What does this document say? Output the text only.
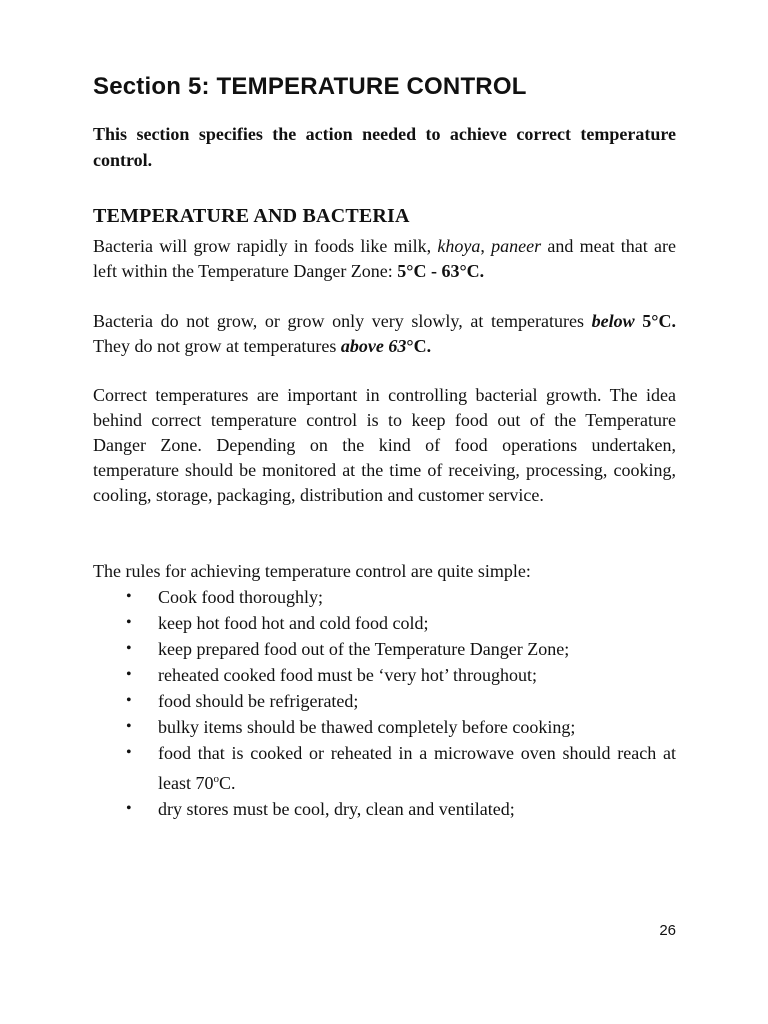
Section 5: TEMPERATURE CONTROL

This section specifies the action needed to achieve correct temperature control.

TEMPERATURE AND BACTERIA

Bacteria will grow rapidly in foods like milk, khoya, paneer and meat that are left within the Temperature Danger Zone: 5°C - 63°C.

Bacteria do not grow, or grow only very slowly, at temperatures below 5°C. They do not grow at temperatures above 63°C.

Correct temperatures are important in controlling bacterial growth. The idea behind correct temperature control is to keep food out of the Temperature Danger Zone. Depending on the kind of food operations undertaken, temperature should be monitored at the time of receiving, processing, cooking, cooling, storage, packaging, distribution and customer service.

The rules for achieving temperature control are quite simple:

• Cook food thoroughly;
• keep hot food hot and cold food cold;
• keep prepared food out of the Temperature Danger Zone;
• reheated cooked food must be ‘very hot’ throughout;
• food should be refrigerated;
• bulky items should be thawed completely before cooking;
• food that is cooked or reheated in a microwave oven should reach at least 70$^o$C.
• dry stores must be cool, dry, clean and ventilated;
26
